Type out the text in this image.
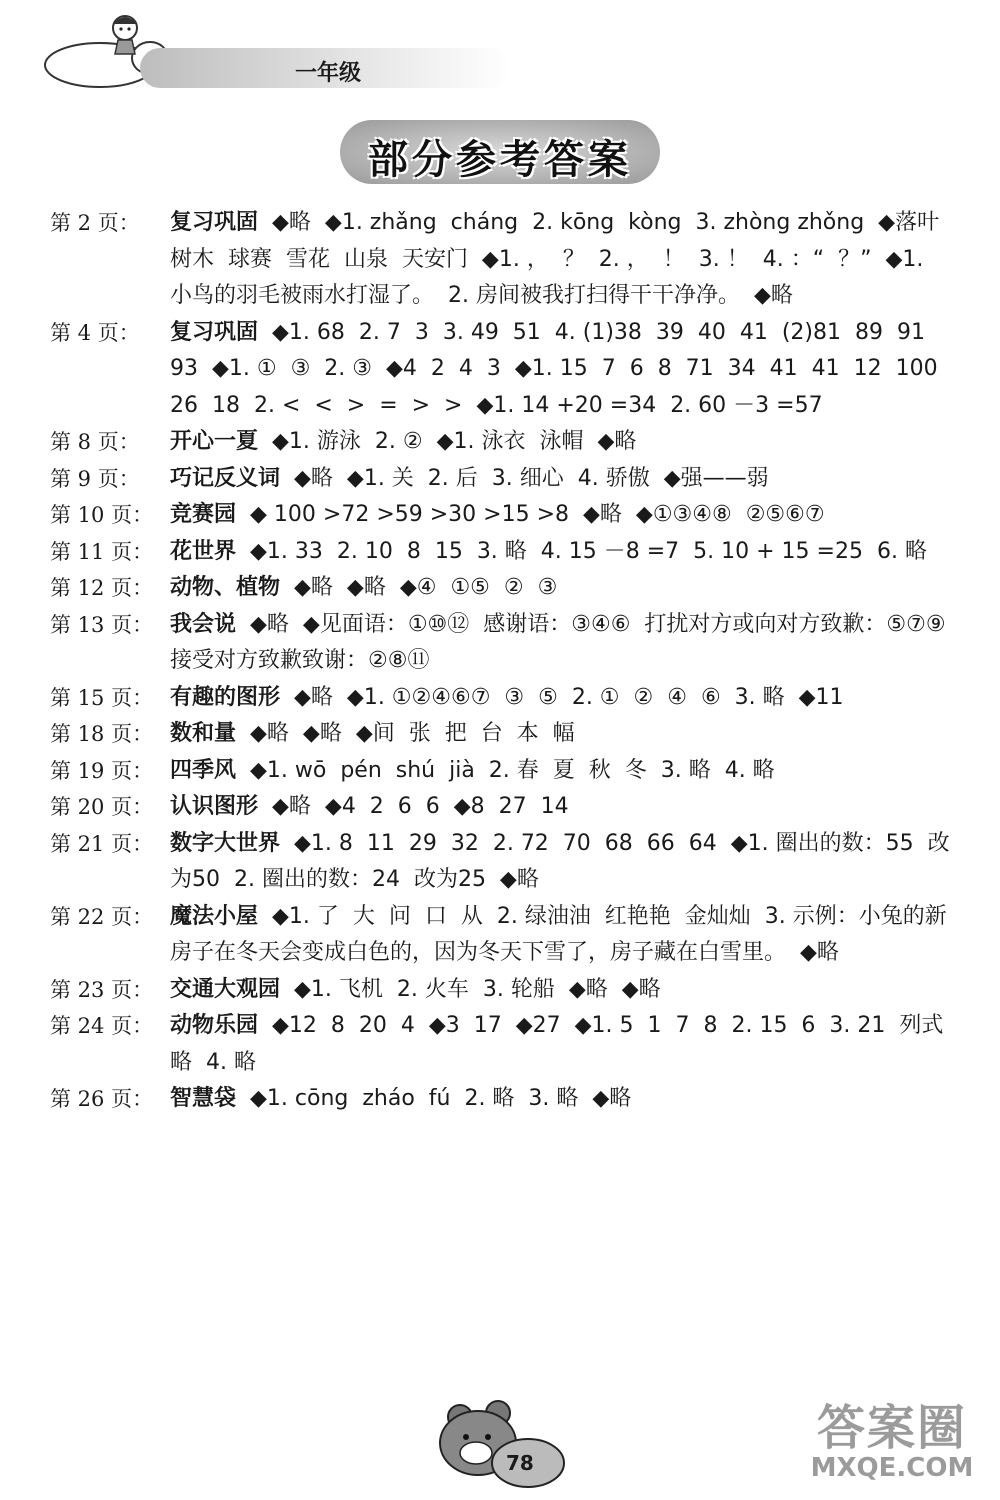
一年级
部分参考答案
第 2 页：	复习巩固  ◆略  ◆1. zhǎng  cháng  2. kōng  kòng  3. zhòng zhǒng  ◆落叶  树木  球赛  雪花  山泉  天安门  ◆1. ，  ？  2. ，  ！  3. ！  4. ：“  ？”  ◆1. 小鸟的羽毛被雨水打湿了。  2. 房间被我打扫得干干净净。  ◆略
第 4 页：	复习巩固  ◆1. 68  2. 7  3  3. 49  51  4. (1)38  39  40  41  (2)81  89  91  93  ◆1. ①  ③  2. ③  ◆4  2  4  3  ◆1. 15  7  6  8  71  34  41  41  12  100  26  18  2. <  <  >  =  >  >  ◆1. 14 +20 =34  2. 60 －3 =57
第 8 页：	开心一夏  ◆1. 游泳  2. ②  ◆1. 泳衣  泳帽  ◆略
第 9 页：	巧记反义词  ◆略  ◆1. 关  2. 后  3. 细心  4. 骄傲  ◆强——弱
第 10 页： 竞赛园  ◆ 100 >72 >59 >30 >15 >8  ◆略  ◆①③④⑧  ②⑤⑥⑦
第 11 页： 花世界  ◆1. 33  2. 10  8  15  3. 略  4. 15 －8 =7  5. 10 + 15 =25  6. 略
第 12 页： 动物、植物  ◆略  ◆略  ◆④  ①⑤  ②  ③
第 13 页： 我会说  ◆略  ◆见面语：①⑩⑫  感谢语：③④⑥  打扰对方或向对方致歉：⑤⑦⑨  接受对方致歉致谢：②⑧⑪
第 15 页： 有趣的图形  ◆略  ◆1. ①②④⑥⑦  ③  ⑤  2. ①  ②  ④  ⑥  3. 略  ◆11
第 18 页： 数和量  ◆略  ◆略  ◆间  张  把  台  本  幅
第 19 页： 四季风  ◆1. wō  pén  shú  jià  2. 春  夏  秋  冬  3. 略  4. 略
第 20 页： 认识图形  ◆略  ◆4  2  6  6  ◆8  27  14
第 21 页： 数字大世界  ◆1. 8  11  29  32  2. 72  70  68  66  64  ◆1. 圈出的数：55  改为50  2. 圈出的数：24  改为25  ◆略
第 22 页： 魔法小屋  ◆1. 了  大  问  口  从  2. 绿油油  红艳艳  金灿灿  3. 示例：小兔的新房子在冬天会变成白色的，因为冬天下雪了，房子藏在白雪里。  ◆略
第 23 页： 交通大观园  ◆1. 飞机  2. 火车  3. 轮船  ◆略  ◆略
第 24 页： 动物乐园  ◆12  8  20  4  ◆3  17  ◆27  ◆1. 5  1  7  8  2. 15  6  3. 21  列式略  4. 略
第 26 页： 智慧袋  ◆1. cōng  zháo  fú  2. 略  3. 略  ◆略
78
答案圈
MXQE.COM
